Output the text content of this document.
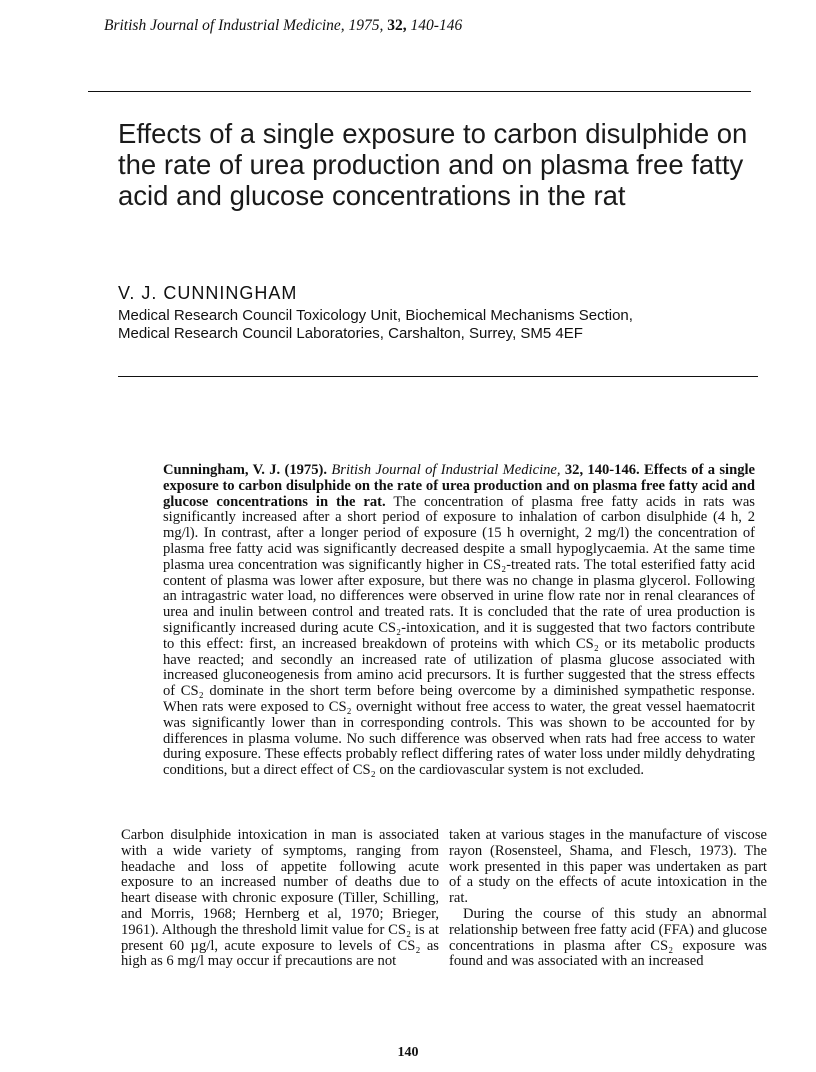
British Journal of Industrial Medicine, 1975, 32, 140-146
Effects of a single exposure to carbon disulphide on the rate of urea production and on plasma free fatty acid and glucose concentrations in the rat
V. J. CUNNINGHAM
Medical Research Council Toxicology Unit, Biochemical Mechanisms Section,
Medical Research Council Laboratories, Carshalton, Surrey, SM5 4EF
Cunningham, V. J. (1975). British Journal of Industrial Medicine, 32, 140-146. Effects of a single exposure to carbon disulphide on the rate of urea production and on plasma free fatty acid and glucose concentrations in the rat. The concentration of plasma free fatty acids in rats was significantly increased after a short period of exposure to inhalation of carbon disulphide (4 h, 2 mg/l). In contrast, after a longer period of exposure (15 h overnight, 2 mg/l) the concentration of plasma free fatty acid was significantly decreased despite a small hypoglycaemia. At the same time plasma urea concentration was significantly higher in CS₂-treated rats. The total esterified fatty acid content of plasma was lower after exposure, but there was no change in plasma glycerol. Following an intragastric water load, no differences were observed in urine flow rate nor in renal clearances of urea and inulin between control and treated rats. It is concluded that the rate of urea production is significantly increased during acute CS₂-intoxication, and it is suggested that two factors contribute to this effect: first, an increased breakdown of proteins with which CS₂ or its metabolic products have reacted; and secondly an increased rate of utilization of plasma glucose associated with increased gluconeogenesis from amino acid precursors. It is further suggested that the stress effects of CS₂ dominate in the short term before being overcome by a diminished sympathetic response. When rats were exposed to CS₂ overnight without free access to water, the great vessel haematocrit was significantly lower than in corresponding controls. This was shown to be accounted for by differences in plasma volume. No such difference was observed when rats had free access to water during exposure. These effects probably reflect differing rates of water loss under mildly dehydrating conditions, but a direct effect of CS₂ on the cardiovascular system is not excluded.

Carbon disulphide intoxication in man is associated with a wide variety of symptoms, ranging from headache and loss of appetite following acute exposure to an increased number of deaths due to heart disease with chronic exposure (Tiller, Schilling, and Morris, 1968; Hernberg et al, 1970; Brieger, 1961). Although the threshold limit value for CS₂ is at present 60 µg/l, acute exposure to levels of CS₂ as high as 6 mg/l may occur if precautions are not

taken at various stages in the manufacture of viscose rayon (Rosensteel, Shama, and Flesch, 1973). The work presented in this paper was undertaken as part of a study on the effects of acute intoxication in the rat.

During the course of this study an abnormal relationship between free fatty acid (FFA) and glucose concentrations in plasma after CS₂ exposure was found and was associated with an increased

140
